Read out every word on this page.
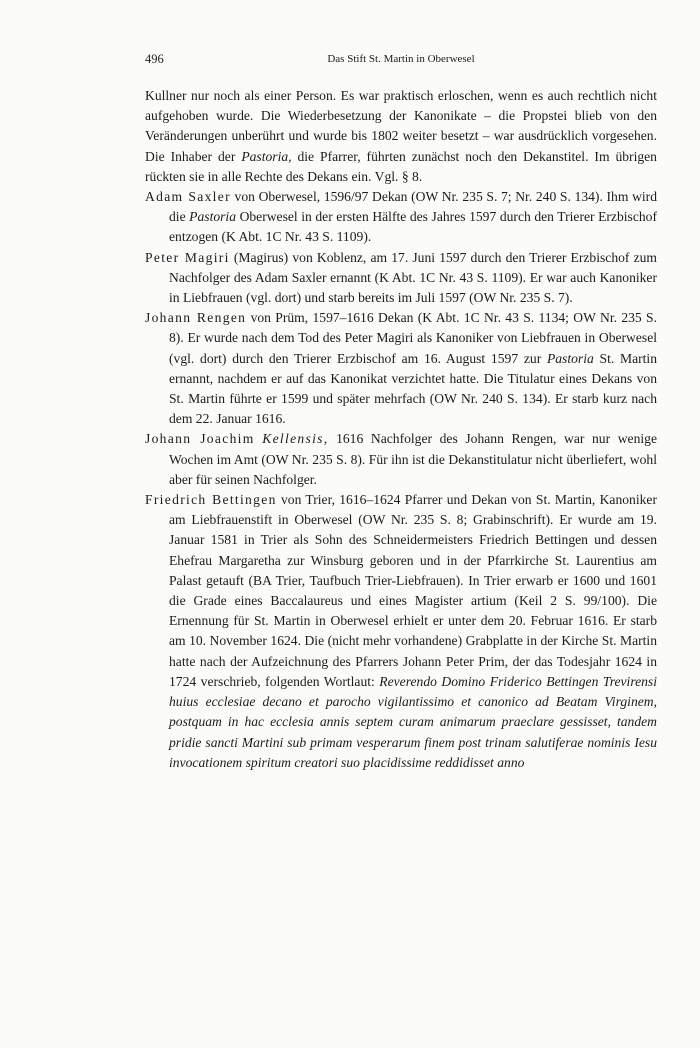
496	Das Stift St. Martin in Oberwesel

Kullner nur noch als einer Person. Es war praktisch erloschen, wenn es auch rechtlich nicht aufgehoben wurde. Die Wiederbesetzung der Kanonikate – die Propstei blieb von den Veränderungen unberührt und wurde bis 1802 weiter besetzt – war ausdrücklich vorgesehen. Die Inhaber der Pastoria, die Pfarrer, führten zunächst noch den Dekanstitel. Im übrigen rückten sie in alle Rechte des Dekans ein. Vgl. § 8.

Adam Saxler von Oberwesel, 1596/97 Dekan (OW Nr. 235 S. 7; Nr. 240 S. 134). Ihm wird die Pastoria Oberwesel in der ersten Hälfte des Jahres 1597 durch den Trierer Erzbischof entzogen (K Abt. 1C Nr. 43 S. 1109).

Peter Magiri (Magirus) von Koblenz, am 17. Juni 1597 durch den Trierer Erzbischof zum Nachfolger des Adam Saxler ernannt (K Abt. 1C Nr. 43 S. 1109). Er war auch Kanoniker in Liebfrauen (vgl. dort) und starb bereits im Juli 1597 (OW Nr. 235 S. 7).

Johann Rengen von Prüm, 1597–1616 Dekan (K Abt. 1C Nr. 43 S. 1134; OW Nr. 235 S. 8). Er wurde nach dem Tod des Peter Magiri als Kanoniker von Liebfrauen in Oberwesel (vgl. dort) durch den Trierer Erzbischof am 16. August 1597 zur Pastoria St. Martin ernannt, nachdem er auf das Kanonikat verzichtet hatte. Die Titulatur eines Dekans von St. Martin führte er 1599 und später mehrfach (OW Nr. 240 S. 134). Er starb kurz nach dem 22. Januar 1616.

Johann Joachim Kellensis, 1616 Nachfolger des Johann Rengen, war nur wenige Wochen im Amt (OW Nr. 235 S. 8). Für ihn ist die Dekanstitulatur nicht überliefert, wohl aber für seinen Nachfolger.

Friedrich Bettingen von Trier, 1616–1624 Pfarrer und Dekan von St. Martin, Kanoniker am Liebfrauenstift in Oberwesel (OW Nr. 235 S. 8; Grabinschrift). Er wurde am 19. Januar 1581 in Trier als Sohn des Schneidermeisters Friedrich Bettingen und dessen Ehefrau Margaretha zur Winsburg geboren und in der Pfarrkirche St. Laurentius am Palast getauft (BA Trier, Taufbuch Trier-Liebfrauen). In Trier erwarb er 1600 und 1601 die Grade eines Baccalaureus und eines Magister artium (Keil 2 S. 99/100). Die Ernennung für St. Martin in Oberwesel erhielt er unter dem 20. Februar 1616. Er starb am 10. November 1624. Die (nicht mehr vorhandene) Grabplatte in der Kirche St. Martin hatte nach der Aufzeichnung des Pfarrers Johann Peter Prim, der das Todesjahr 1624 in 1724 verschrieb, folgenden Wortlaut: Reverendo Domino Friderico Bettingen Trevirensi huius ecclesiae decano et parocho vigilantissimo et canonico ad Beatam Virginem, postquam in hac ecclesia annis septem curam animarum praeclare gessisset, tandem pridie sancti Martini sub primam vesperarum finem post trinam salutiferae nominis Iesu invocationem spiritum creatori suo placidissime reddidisset anno
